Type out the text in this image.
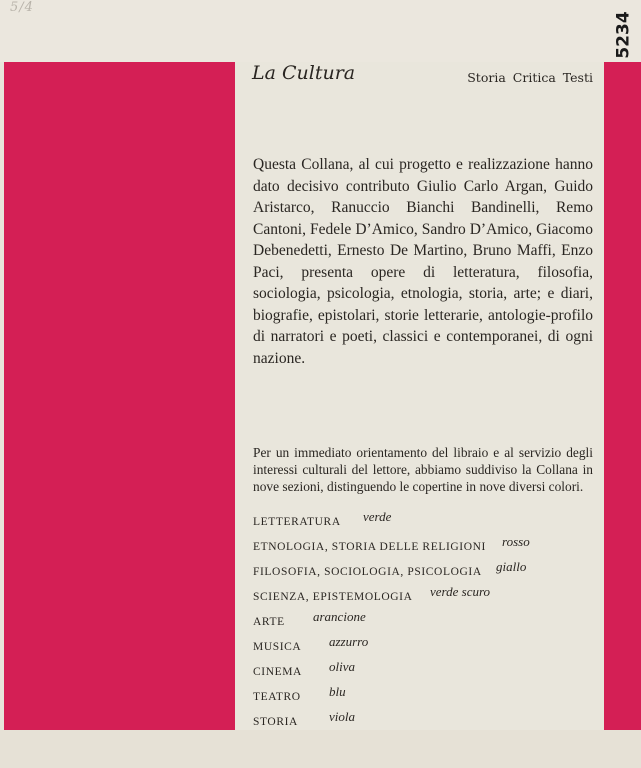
5/4
5234
La Cultura	Storia Critica Testi
Questa Collana, al cui progetto e realizzazione hanno dato decisivo contributo Giulio Carlo Argan, Guido Aristarco, Ranuccio Bianchi Bandinelli, Remo Cantoni, Fedele D’Amico, Sandro D’Amico, Giacomo Debenedetti, Ernesto De Martino, Bruno Maffi, Enzo Paci, presenta opere di letteratura, filosofia, sociologia, psicologia, etnologia, storia, arte; e diari, biografie, epistolari, storie letterarie, antologie-profilo di narratori e poeti, classici e contemporanei, di ogni nazione.
Per un immediato orientamento del libraio e al servizio degli interessi culturali del lettore, abbiamo suddiviso la Collana in nove sezioni, distinguendo le copertine in nove diversi colori.
LETTERATURA verde
ETNOLOGIA, STORIA DELLE RELIGIONI rosso
FILOSOFIA, SOCIOLOGIA, PSICOLOGIA giallo
SCIENZA, EPISTEMOLOGIA verde scuro
ARTE arancione
MUSICA azzurro
CINEMA oliva
TEATRO blu
STORIA viola
